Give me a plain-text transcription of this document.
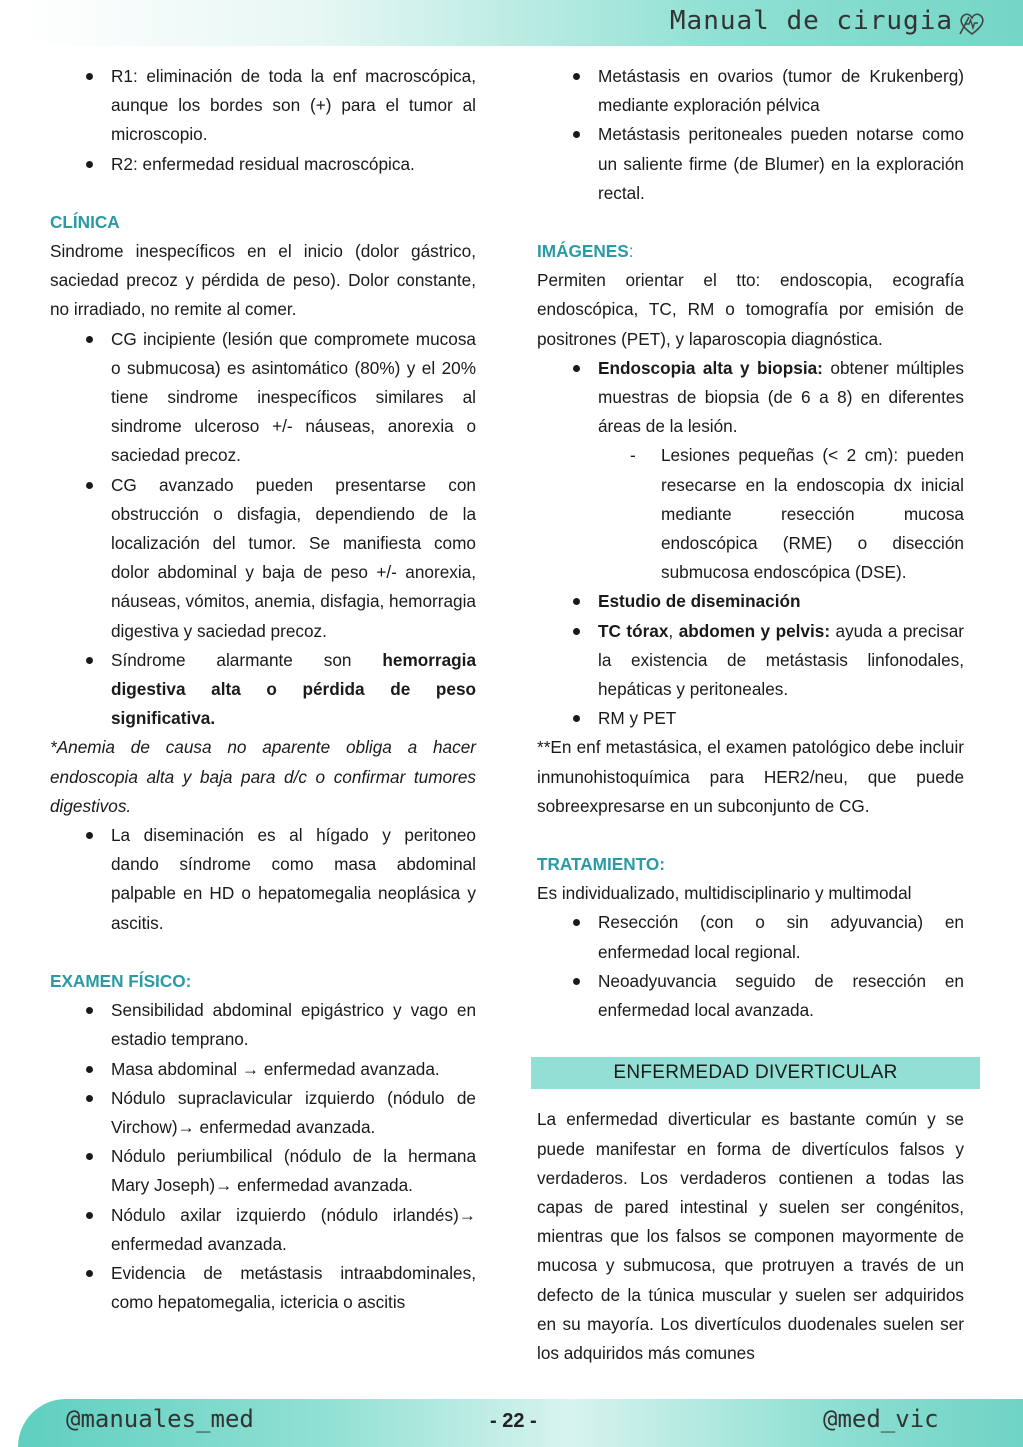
Manual de cirugia

R1: eliminación de toda la enf macroscópica, aunque los bordes son (+) para el tumor al microscopio.

R2: enfermedad residual macroscópica.

CLÍNICA

Sindrome inespecíficos en el inicio (dolor gástrico, saciedad precoz y pérdida de peso). Dolor constante, no irradiado, no remite al comer.

CG incipiente (lesión que compromete mucosa o submucosa) es asintomático (80%) y el 20% tiene sindrome inespecíficos similares al sindrome ulceroso +/- náuseas, anorexia o saciedad precoz.

CG avanzado pueden presentarse con obstrucción o disfagia, dependiendo de la localización del tumor. Se manifiesta como dolor abdominal y baja de peso +/- anorexia, náuseas, vómitos, anemia, disfagia, hemorragia digestiva y saciedad precoz.

Síndrome alarmante son hemorragia digestiva alta o pérdida de peso significativa.

*Anemia de causa no aparente obliga a hacer endoscopia alta y baja para d/c o confirmar tumores digestivos.

La diseminación es al hígado y peritoneo dando síndrome como masa abdominal palpable en HD o hepatomegalia neoplásica y ascitis.

EXAMEN FÍSICO:

Sensibilidad abdominal epigástrico y vago en estadio temprano.

Masa abdominal → enfermedad avanzada.

Nódulo supraclavicular izquierdo (nódulo de Virchow)→ enfermedad avanzada.

Nódulo periumbilical (nódulo de la hermana Mary Joseph)→ enfermedad avanzada.

Nódulo axilar izquierdo (nódulo irlandés)→ enfermedad avanzada.

Evidencia de metástasis intraabdominales, como hepatomegalia, ictericia o ascitis

Metástasis en ovarios (tumor de Krukenberg) mediante exploración pélvica

Metástasis peritoneales pueden notarse como un saliente firme (de Blumer) en la exploración rectal.

IMÁGENES:

Permiten orientar el tto: endoscopia, ecografía endoscópica, TC, RM o tomografía por emisión de positrones (PET), y laparoscopia diagnóstica.

Endoscopia alta y biopsia: obtener múltiples muestras de biopsia (de 6 a 8) en diferentes áreas de la lesión.

- Lesiones pequeñas (< 2 cm): pueden resecarse en la endoscopia dx inicial mediante resección mucosa endoscópica (RME) o disección submucosa endoscópica (DSE).

Estudio de diseminación

TC tórax, abdomen y pelvis: ayuda a precisar la existencia de metástasis linfonodales, hepáticas y peritoneales.

RM y PET

**En enf metastásica, el examen patológico debe incluir inmunohistoquímica para HER2/neu, que puede sobreexpresarse en un subconjunto de CG.

TRATAMIENTO:

Es individualizado, multidisciplinario y multimodal

Resección (con o sin adyuvancia) en enfermedad local regional.

Neoadyuvancia seguido de resección en enfermedad local avanzada.

ENFERMEDAD DIVERTICULAR

La enfermedad diverticular es bastante común y se puede manifestar en forma de divertículos falsos y verdaderos. Los verdaderos contienen a todas las capas de pared intestinal y suelen ser congénitos, mientras que los falsos se componen mayormente de mucosa y submucosa, que protruyen a través de un defecto de la túnica muscular y suelen ser adquiridos en su mayoría. Los divertículos duodenales suelen ser los adquiridos más comunes

@manuales_med	- 22 -	@med_vic
